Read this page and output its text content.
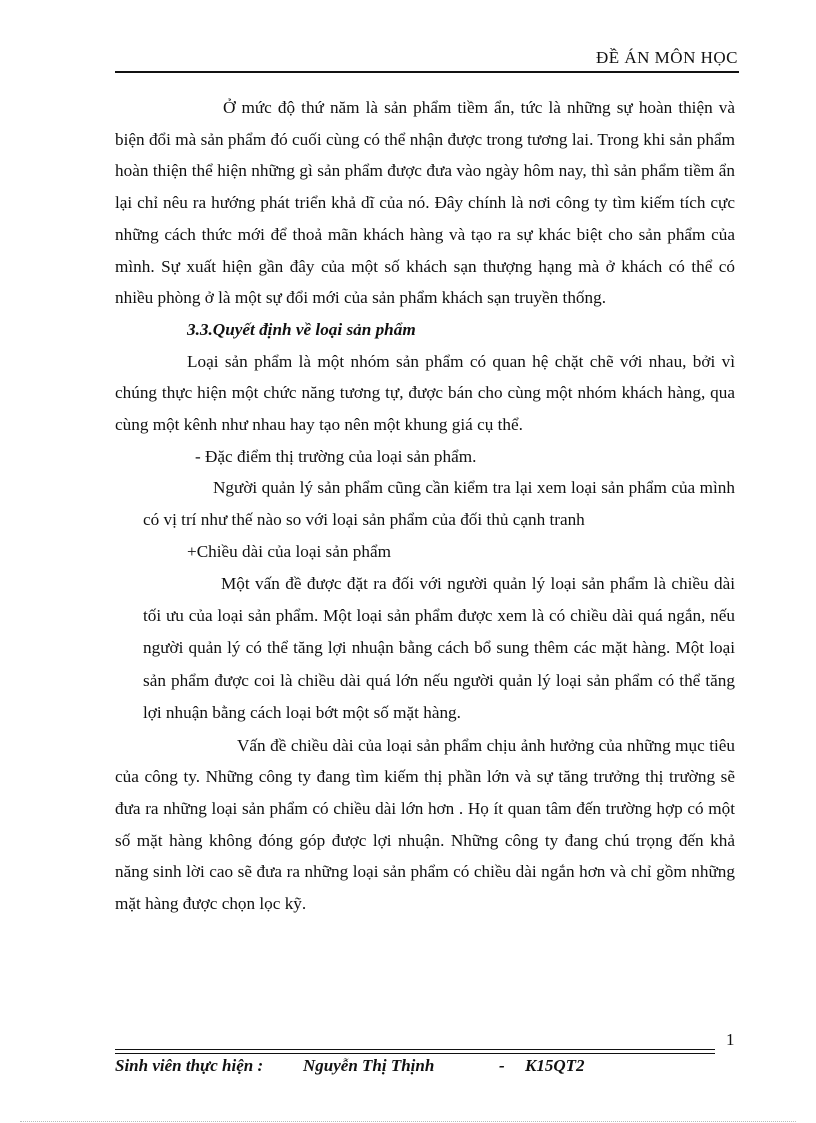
ĐỀ ÁN MÔN HỌC

Ở mức độ thứ năm là sản phẩm tiềm ẩn, tức là những sự hoàn thiện và biện đổi mà sản phẩm đó cuối cùng có thể nhận được trong tương lai. Trong khi sản phẩm hoàn thiện thể hiện những gì sản phẩm được đưa vào ngày hôm nay, thì sản phẩm tiềm ẩn lại chỉ nêu ra hướng phát triển khả dĩ của nó. Đây chính là nơi công ty tìm kiếm tích cực những cách thức mới để thoả mãn khách hàng và tạo ra sự khác biệt cho sản phẩm của mình. Sự xuất hiện gần đây của một số khách sạn thượng hạng mà ở khách có thể có nhiều phòng ở là một sự đổi mới của sản phẩm khách sạn truyền thống.

3.3.Quyết định về loại sản phẩm

Loại sản phẩm là một nhóm sản phẩm có quan hệ chặt chẽ với nhau, bởi vì chúng thực hiện một chức năng tương tự, được bán cho cùng một nhóm khách hàng, qua cùng một kênh như nhau hay tạo nên một khung giá cụ thể.

- Đặc điểm thị trường của loại sản phẩm.

Người quản lý sản phẩm cũng cần kiểm tra lại xem loại sản phẩm của mình có vị trí như thế nào so với loại sản phẩm của đối thủ cạnh tranh

+Chiều dài của loại sản phẩm

Một vấn đề được đặt ra đối với người quản lý loại sản phẩm là chiều dài tối ưu của loại sản phẩm. Một loại sản phẩm được xem là có chiều dài quá ngắn, nếu người quản lý có thể tăng lợi nhuận bằng cách bổ sung thêm các mặt hàng. Một loại sản phẩm được coi là chiều dài quá lớn nếu người quản lý loại sản phẩm có thể tăng lợi nhuận bằng cách loại bớt một số mặt hàng.

Vấn đề chiều dài của loại sản phẩm chịu ảnh hưởng của những mục tiêu của công ty. Những công ty đang tìm kiếm thị phần lớn và sự tăng trưởng thị trường sẽ đưa ra những loại sản phẩm có chiều dài lớn hơn . Họ ít quan tâm đến trường hợp có một số mặt hàng không đóng góp được lợi nhuận. Những công ty đang chú trọng đến khả năng sinh lời cao sẽ đưa ra những loại sản phẩm có chiều dài ngắn hơn và chỉ gồm những mặt hàng được chọn lọc kỹ.

1
Sinh viên thực hiện : Nguyễn Thị Thịnh	- K15QT2
